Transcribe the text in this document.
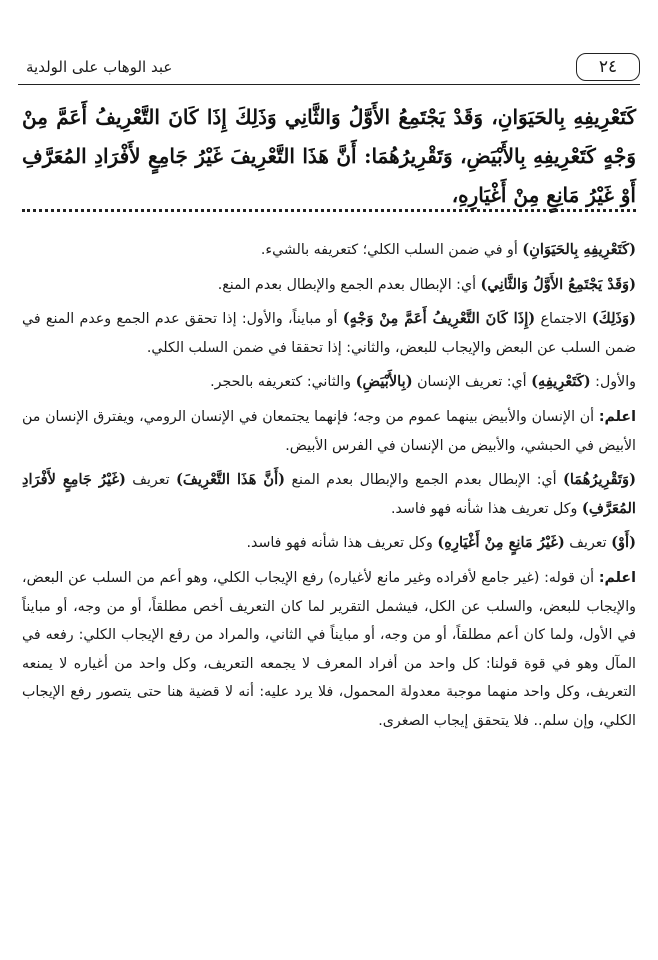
٢٤
عبد الوهاب على الولدية
كَتَعْرِيفِهِ بِالحَيَوَانِ، وَقَدْ يَجْتَمِعُ الأَوَّلُ وَالثَّانِي وَذَلِكَ إِذَا كَانَ التَّعْرِيفُ أَعَمَّ مِنْ وَجْهٍ كَتَعْرِيفِهِ بِالأَبْيَضِ، وَتَقْرِيرُهُمَا: أَنَّ هَذَا التَّعْرِيفَ غَيْرُ جَامِعٍ لأَفْرَادِ المُعَرَّفِ أَوْ غَيْرُ مَانِعٍ مِنْ أَغْيَارِهِ،

(كَتَعْرِيفِهِ بِالحَيَوَانِ) أو في ضمن السلب الكلي؛ كتعريفه بالشيء.

(وَقَدْ يَجْتَمِعُ الأَوَّلُ وَالثَّانِي) أي: الإبطال بعدم الجمع والإبطال بعدم المنع.

(وَذَلِكَ) الاجتماع (إِذَا كَانَ التَّعْرِيفُ أَعَمَّ مِنْ وَجْهٍ) أو مبايناً، والأول: إذا تحقق عدم الجمع وعدم المنع في ضمن السلب عن البعض والإيجاب للبعض، والثاني: إذا تحققا في ضمن السلب الكلي.

والأول: (كَتَعْرِيفِهِ) أي: تعريف الإنسان (بِالأَبْيَضِ) والثاني: كتعريفه بالحجر.

اعلم: أن الإنسان والأبيض بينهما عموم من وجه؛ فإنهما يجتمعان في الإنسان الرومي، ويفترق الإنسان من الأبيض في الحبشي، والأبيض من الإنسان في الفرس الأبيض.

(وَتَقْرِيرُهُمَا) أي: الإبطال بعدم الجمع والإبطال بعدم المنع (أَنَّ هَذَا التَّعْرِيفَ) تعريف (غَيْرُ جَامِعٍ لأَفْرَادِ المُعَرَّفِ) وكل تعريف هذا شأنه فهو فاسد.

(أَوْ) تعريف (غَيْرُ مَانِعٍ مِنْ أَغْيَارِهِ) وكل تعريف هذا شأنه فهو فاسد.

اعلم: أن قوله: (غير جامع لأفراده وغير مانع لأغياره) رفع الإيجاب الكلي، وهو أعم من السلب عن البعض، والإيجاب للبعض، والسلب عن الكل، فيشمل التقرير لما كان التعريف أخص مطلقاً، أو من وجه، أو مبايناً في الأول، ولما كان أعم مطلقاً، أو من وجه، أو مبايناً في الثاني، والمراد من رفع الإيجاب الكلي: رفعه في المآل وهو في قوة قولنا: كل واحد من أفراد المعرف لا يجمعه التعريف، وكل واحد من أغياره لا يمنعه التعريف، وكل واحد منهما موجبة معدولة المحمول، فلا يرد عليه: أنه لا قضية هنا حتى يتصور رفع الإيجاب الكلي، وإن سلم.. فلا يتحقق إيجاب الصغرى.
